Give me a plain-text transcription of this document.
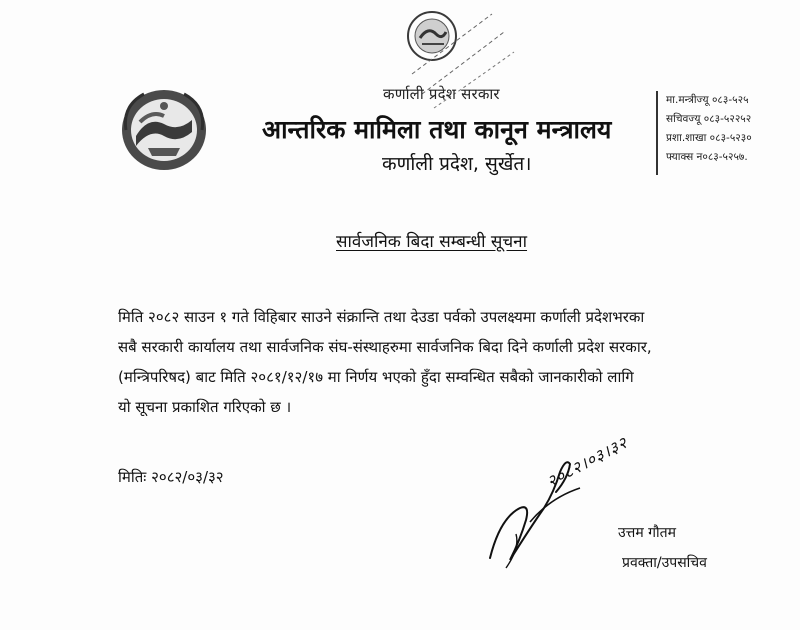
कर्णाली प्रदेश सरकार
आन्तरिक मामिला तथा कानून मन्त्रालय
कर्णाली प्रदेश, सुर्खेत।
मा.मन्त्रीज्यू ०८३-५२५
सचिवज्यू ०८३-५२२५२
प्रशा.शाखा ०८३-५२३०
फ्याक्स न०८३-५२५७.
सार्वजनिक बिदा सम्बन्धी सूचना
मिति २०८२ साउन १ गते विहिबार साउने संक्रान्ति तथा देउडा पर्वको उपलक्ष्यमा कर्णाली प्रदेशभरका
सबै सरकारी कार्यालय तथा सार्वजनिक संघ-संस्थाहरुमा सार्वजनिक बिदा दिने कर्णाली प्रदेश सरकार,
(मन्त्रिपरिषद) बाट मिति २०८१/१२/१७ मा निर्णय भएको हुँदा सम्वन्धित सबैको जानकारीको लागि
यो सूचना प्रकाशित गरिएको छ ।
मितिः २०८२/०३/३२	२०८२।०३।३२
उत्तम गौतम
प्रवक्ता/उपसचिव
